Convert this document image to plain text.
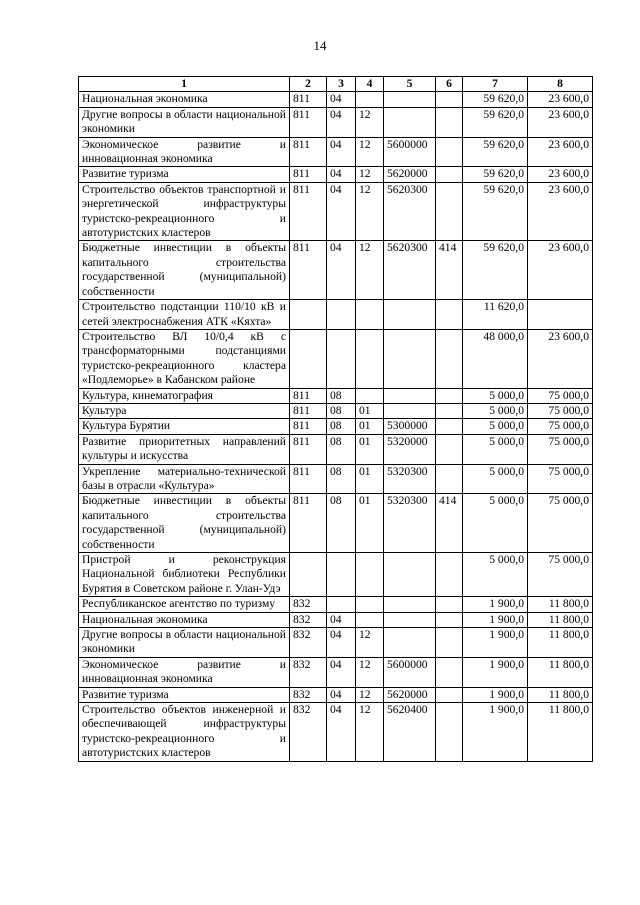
14
1	2	3	4	5	6	7	8
Национальная экономика	811	04				59 620,0	23 600,0
Другие вопросы в области национальной экономики	811	04	12			59 620,0	23 600,0
Экономическое развитие и инновационная экономика	811	04	12	5600000		59 620,0	23 600,0
Развитие туризма	811	04	12	5620000		59 620,0	23 600,0
Строительство объектов транспортной и энергетической инфраструктуры туристско-рекреационного и автотуристских кластеров	811	04	12	5620300		59 620,0	23 600,0
Бюджетные инвестиции в объекты капитального строительства государственной (муниципальной) собственности	811	04	12	5620300	414	59 620,0	23 600,0
Строительство подстанции 110/10 кВ и сетей электроснабжения АТК «Кяхта»						11 620,0	
Строительство ВЛ 10/0,4 кВ с трансформаторными подстанциями туристско-рекреационного кластера «Подлеморье» в Кабанском районе						48 000,0	23 600,0
Культура, кинематография	811	08				5 000,0	75 000,0
Культура	811	08	01			5 000,0	75 000,0
Культура Бурятии	811	08	01	5300000		5 000,0	75 000,0
Развитие приоритетных направлений культуры и искусства	811	08	01	5320000		5 000,0	75 000,0
Укрепление материально-технической базы в отрасли «Культура»	811	08	01	5320300		5 000,0	75 000,0
Бюджетные инвестиции в объекты капитального строительства государственной (муниципальной) собственности	811	08	01	5320300	414	5 000,0	75 000,0
Пристрой и реконструкция Национальной библиотеки Республики Бурятия в Советском районе г. Улан-Удэ						5 000,0	75 000,0
Республиканское агентство по туризму	832					1 900,0	11 800,0
Национальная экономика	832	04				1 900,0	11 800,0
Другие вопросы в области национальной экономики	832	04	12			1 900,0	11 800,0
Экономическое развитие и инновационная экономика	832	04	12	5600000		1 900,0	11 800,0
Развитие туризма	832	04	12	5620000		1 900,0	11 800,0
Строительство объектов инженерной и обеспечивающей инфраструктуры туристско-рекреационного и автотуристских кластеров	832	04	12	5620400		1 900,0	11 800,0
